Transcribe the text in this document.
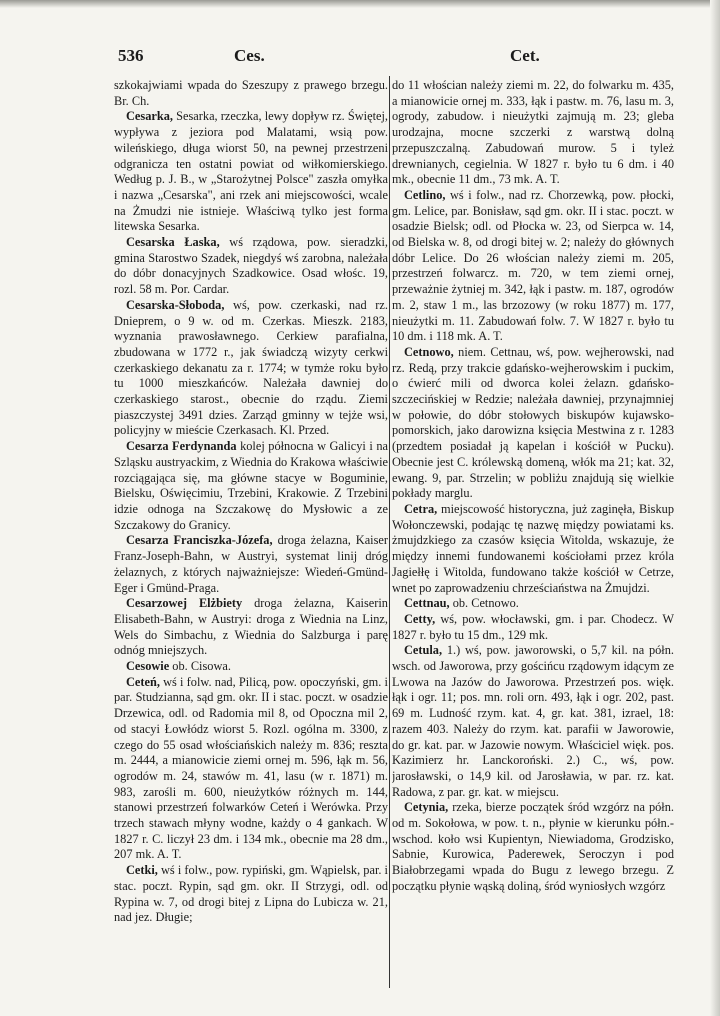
536	Ces.	Cet.

szkokajwiami wpada do Szeszupy z prawego brzegu. Br. Ch.

Cesarka, Sesarka, rzeczka, lewy dopływ rz. Świętej, wypływa z jeziora pod Malatami, wsią pow. wileńskiego, długa wiorst 50, na pewnej przestrzeni odgranicza ten ostatni powiat od wiłkomierskiego. Według p. J. B., w „Starożytnej Polsce" zaszła omyłka i nazwa „Cesarska", ani rzek ani miejscowości, wcale na Żmudzi nie istnieje. Właściwą tylko jest forma litewska Sesarka.

Cesarska Łaska, wś rządowa, pow. sieradzki, gmina Starostwo Szadek, niegdyś wś zarobna, należała do dóbr donacyjnych Szadkowice. Osad włośc. 19, rozl. 58 m. Por. Cardar.

Cesarska-Słoboda, wś, pow. czerkaski, nad rz. Dnieprem, o 9 w. od m. Czerkas. Mieszk. 2183, wyznania prawosławnego. Cerkiew parafialna, zbudowana w 1772 r., jak świadczą wizyty cerkwi czerkaskiego dekanatu za r. 1774; w tymże roku było tu 1000 mieszkańców. Należała dawniej do czerkaskiego starost., obecnie do rządu. Ziemi piaszczystej 3491 dzies. Zarząd gminny w tejże wsi, policyjny w mieście Czerkasach. Kl. Przed.

Cesarza Ferdynanda kolej północna w Galicyi i na Szląsku austryackim, z Wiednia do Krakowa właściwie rozciągająca się, ma główne stacye w Boguminie, Bielsku, Oświęcimiu, Trzebini, Krakowie. Z Trzebini idzie odnoga na Szczakowę do Mysłowic a ze Szczakowy do Granicy.

Cesarza Franciszka-Józefa, droga żelazna, Kaiser Franz-Joseph-Bahn, w Austryi, systemat linij dróg żelaznych, z których najważniejsze: Wiedeń-Gmünd-Eger i Gmünd-Praga.

Cesarzowej Elżbiety droga żelazna, Kaiserin Elisabeth-Bahn, w Austryi: droga z Wiednia na Linz, Wels do Simbachu, z Wiednia do Salzburga i parę odnóg mniejszych.

Cesowie ob. Cisowa.

Ceteń, wś i folw. nad, Pilicą, pow. opoczyński, gm. i par. Studzianna, sąd gm. okr. II i stac. poczt. w osadzie Drzewica, odl. od Radomia mil 8, od Opoczna mil 2, od stacyi Łowłódz wiorst 5. Rozl. ogólna m. 3300, z czego do 55 osad włościańskich należy m. 836; reszta m. 2444, a mianowicie ziemi ornej m. 596, łąk m. 56, ogrodów m. 24, stawów m. 41, lasu (w r. 1871) m. 983, zarośli m. 600, nieużytków różnych m. 144, stanowi przestrzeń folwarków Ceteń i Werówka. Przy trzech stawach młyny wodne, każdy o 4 gankach. W 1827 r. C. liczył 23 dm. i 134 mk., obecnie ma 28 dm., 207 mk. A. T.

Cetki, wś i folw., pow. rypiński, gm. Wąpielsk, par. i stac. poczt. Rypin, sąd gm. okr. II Strzygi, odl. od Rypina w. 7, od drogi bitej z Lipna do Lubicza w. 21, nad jez. Długie;

do 11 włościan należy ziemi m. 22, do folwarku m. 435, a mianowicie ornej m. 333, łąk i pastw. m. 76, lasu m. 3, ogrody, zabudow. i nieużytki zajmują m. 23; gleba urodzajna, mocne szczerki z warstwą dolną przepuszczalną. Zabudowań murow. 5 i tyleż drewnianych, cegielnia. W 1827 r. było tu 6 dm. i 40 mk., obecnie 11 dm., 73 mk. A. T.

Cetlino, wś i folw., nad rz. Chorzewką, pow. płocki, gm. Lelice, par. Bonisław, sąd gm. okr. II i stac. poczt. w osadzie Bielsk; odl. od Płocka w. 23, od Sierpca w. 14, od Bielska w. 8, od drogi bitej w. 2; należy do głównych dóbr Lelice. Do 26 włościan należy ziemi m. 205, przestrzeń folwarcz. m. 720, w tem ziemi ornej, przeważnie żytniej m. 342, łąk i pastw. m. 187, ogrodów m. 2, staw 1 m., las brzozowy (w roku 1877) m. 177, nieużytki m. 11. Zabudowań folw. 7. W 1827 r. było tu 10 dm. i 118 mk. A. T.

Cetnowo, niem. Cettnau, wś, pow. wejherowski, nad rz. Redą, przy trakcie gdańsko-wejherowskim i puckim, o ćwierć mili od dworca kolei żelazn. gdańsko-szczecińskiej w Redzie; należała dawniej, przynajmniej w połowie, do dóbr stołowych biskupów kujawsko-pomorskich, jako darowizna księcia Mestwina z r. 1283 (przedtem posiadał ją kapelan i kościół w Pucku). Obecnie jest C. królewską domeną, włók ma 21; kat. 32, ewang. 9, par. Strzelin; w pobliżu znajdują się wielkie pokłady marglu.

Cetra, miejscowość historyczna, już zaginęła, Biskup Wołonczewski, podając tę nazwę między powiatami ks. żmujdzkiego za czasów księcia Witolda, wskazuje, że między innemi fundowanemi kościołami przez króla Jagiełłę i Witolda, fundowano także kościół w Cetrze, wnet po zaprowadzeniu chrześciaństwa na Żmujdzi.

Cettnau, ob. Cetnowo.

Cetty, wś, pow. włocławski, gm. i par. Chodecz. W 1827 r. było tu 15 dm., 129 mk.

Cetula, 1.) wś, pow. jaworowski, o 5,7 kil. na półn. wsch. od Jaworowa, przy gościńcu rządowym idącym ze Lwowa na Jazów do Jaworowa. Przestrzeń pos. więk. łąk i ogr. 11; pos. mn. roli orn. 493, łąk i ogr. 202, past. 69 m. Ludność rzym. kat. 4, gr. kat. 381, izrael, 18: razem 403. Należy do rzym. kat. parafii w Jaworowie, do gr. kat. par. w Jazowie nowym. Właściciel więk. pos. Kazimierz hr. Lanckoroński. 2.) C., wś, pow. jarosławski, o 14,9 kil. od Jarosławia, w par. rz. kat. Radowa, z par. gr. kat. w miejscu.

Cetynia, rzeka, bierze początek śród wzgórz na półn. od m. Sokołowa, w pow. t. n., płynie w kierunku półn.-wschod. koło wsi Kupientyn, Niewiadoma, Grodzisko, Sabnie, Kurowica, Paderewek, Seroczyn i pod Białobrzegami wpada do Bugu z lewego brzegu. Z początku płynie wąską doliną, śród wyniosłych wzgórz
